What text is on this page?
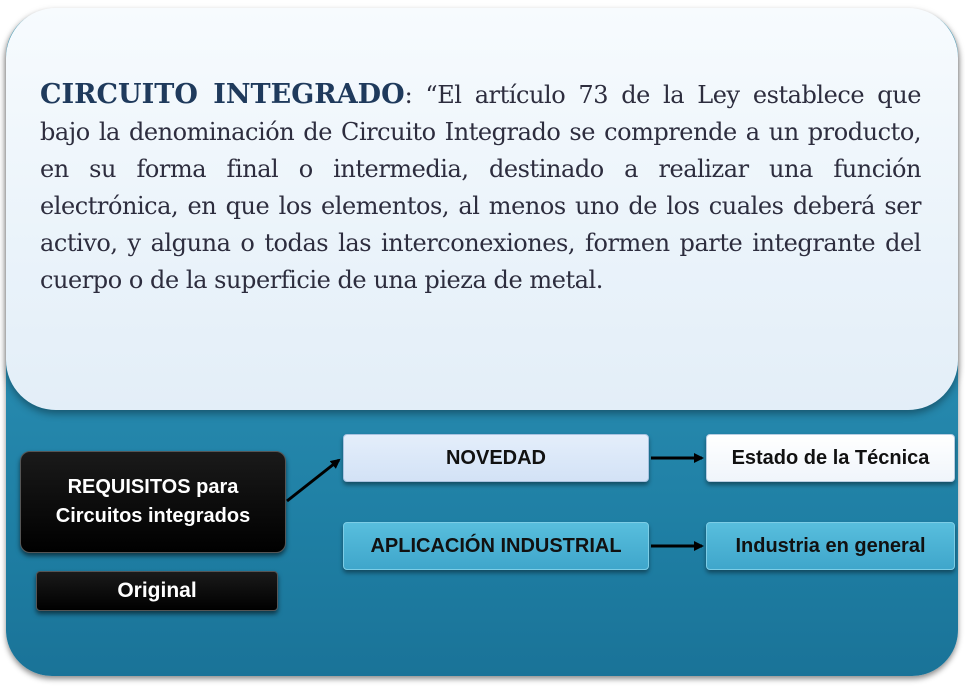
CIRCUITO INTEGRADO: “El artículo 73 de la Ley establece que bajo la denominación de Circuito Integrado se comprende a un producto, en su forma final o intermedia, destinado a realizar una función electrónica, en que los elementos, al menos uno de los cuales deberá ser activo, y alguna o todas las interconexiones, formen parte integrante del cuerpo o de la superficie de una pieza de metal.

REQUISITOS para
Circuitos integrados
Original
NOVEDAD	Estado de la Técnica
APLICACIÓN INDUSTRIAL	Industria en general
